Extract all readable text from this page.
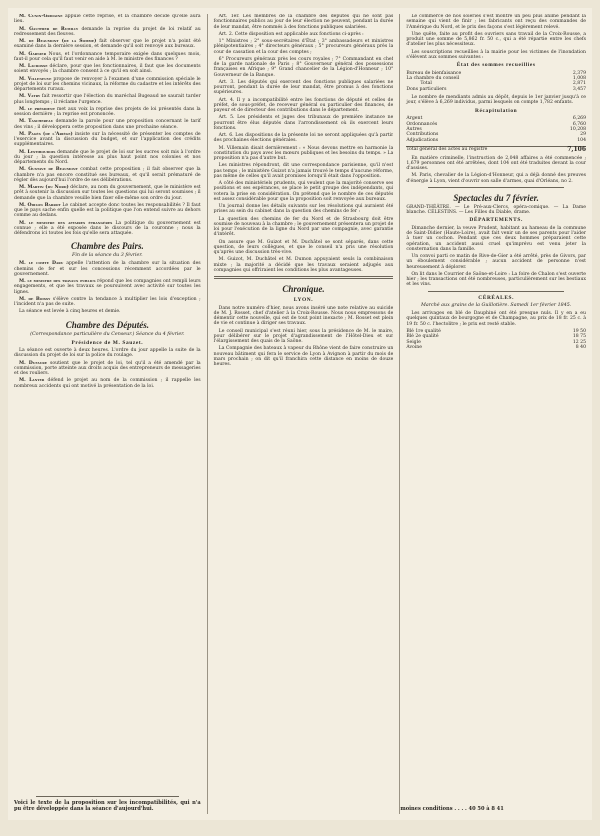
M. Cunin-Gridaine appuie cette reprise, et la chambre décide qu'elle aura lieu.

M. Gauthier de Rumilly demande la reprise du projet de loi relatif au redressement des fleuves.

M. de Beaumont (de la Somme) fait observer que le projet n'a point été examiné dans la dernière session, et demande qu'il soit renvoyé aux bureaux.

M. Garnier Nous, et l'ordonnance temporaire exigée dans quelques mois, faut-il pour cela qu'il faut venir en aide à M. le ministre des finances ?

M. Lacrosse déclare, pour que les fonctionnaires, il faut que les documents soient envoyés ; la chambre consent à ce qu'il en soit ainsi.

M. Villeneuve propose de renvoyer à l'examen d'une commission spéciale le projet de loi sur les chemins vicinaux, la réforme du cadastre et les intérêts des départements ruraux.

M. Vatry fait ressortir que l'élection du maréchal Bugeaud ne saurait tarder plus longtemps ; il réclame l'urgence.

M. le président met aux voix la reprise des projets de loi présentés dans la session dernière ; la reprise est prononcée.

M. Taschereau demande la parole pour une proposition concernant le tarif des vins ; il développera cette proposition dans une prochaine séance.

M. Pagès (de l'Ariége) insiste sur la nécessité de présenter les comptes de l'exercice avant la discussion du budget, et sur l'application des crédits supplémentaires.

M. Lestiboudois demande que le projet de loi sur les sucres soit mis à l'ordre du jour ; la question intéresse au plus haut point nos colonies et nos départements du Nord.

M. Gustave de Beaumont combat cette proposition ; il fait observer que la chambre n'a pas encore constitué ses bureaux, et qu'il serait prématuré de régler dès aujourd'hui l'ordre de ses délibérations.

M. Martin (du Nord) déclare, au nom du gouvernement, que le ministère est prêt à soutenir la discussion sur toutes les questions qui lui seront soumises ; il demande que la chambre veuille bien fixer elle-même son ordre du jour.

M. Odilon Barrot Le cabinet accepte donc toutes les responsabilités ? Il faut que le pays sache enfin quelle est la politique que l'on entend suivre au dehors comme au dedans.

M. le ministre des affaires étrangères La politique du gouvernement est connue ; elle a été exposée dans le discours de la couronne ; nous la défendrons ici toutes les fois qu'elle sera attaquée.

Chambre des Pairs.
Fin de la séance du 3 février.

M. le comte Daru appelle l'attention de la chambre sur la situation des chemins de fer et sur les concessions récemment accordées par le gouvernement.

M. le ministre des travaux publics répond que les compagnies ont rempli leurs engagements, et que les travaux se poursuivent avec activité sur toutes les lignes.

M. de Boissy s'élève contre la tendance à multiplier les lois d'exception ; l'incident n'a pas de suite.

La séance est levée à cinq heures et demie.

Chambre des Députés.
(Correspondance particulière du Censeur.) Séance du 4 février.
Présidence de M. Sauzet.

La séance est ouverte à deux heures. L'ordre du jour appelle la suite de la discussion du projet de loi sur la police du roulage.

M. Dufaure soutient que le projet de loi, tel qu'il a été amendé par la commission, porte atteinte aux droits acquis des entrepreneurs de messageries et des rouliers.

M. Lanyer défend le projet au nom de la commission ; il rappelle les nombreux accidents qui ont motivé la présentation de la loi.

Voici le texte de la proposition sur les incompatibilités, qui n'a pu être développée dans la séance d'aujourd'hui.

Art. 1er. Les membres de la chambre des députés qui ne sont pas fonctionnaires publics au jour de leur élection ne peuvent, pendant la durée de leur mandat, être nommés à des fonctions publiques salariées.

Art. 2. Cette disposition est applicable aux fonctions ci-après :

1° Ministres ; 2° sous-secrétaires d'État ; 3° ambassadeurs et ministres plénipotentiaires ; 4° directeurs généraux ; 5° procureurs généraux près la cour de cassation et la cour des comptes ;

6° Procureurs généraux près les cours royales ; 7° Commandant en chef de la garde nationale de Paris ; 8° Gouverneur général des possessions françaises en Afrique ; 9° Grand chancelier de la Légion-d'Honneur ; 10° Gouverneur de la Banque.

Art. 3. Les députés qui exercent des fonctions publiques salariées ne pourront, pendant la durée de leur mandat, être promus à des fonctions supérieures.

Art. 4. Il y a incompatibilité entre les fonctions de député et celles de préfet, de sous-préfet, de receveur général ou particulier des finances, de payeur et de directeur des contributions dans le département.

Art. 5. Les présidents et juges des tribunaux de première instance ne pourront être élus députés dans l'arrondissement où ils exercent leurs fonctions.

Art. 6. Les dispositions de la présente loi ne seront appliquées qu'à partir des prochaines élections générales.

M. Villemain disait dernièrement : « Nous devons mettre en harmonie la constitution du pays avec les mœurs publiques et les besoins du temps. » La proposition n'a pas d'autre but.

Les ministres répondront, dit une correspondance parisienne, qu'il n'est pas temps ; le ministère Guizot n'a jamais trouvé le temps d'aucune réforme, pas même de celles qu'il avait promises lorsqu'il était dans l'opposition.

A côté des ministériels prudents, qui veulent que la majorité conserve ses positions et ses espérances, se place le petit groupe des indépendants, qui votera la prise en considération. On prétend que le nombre de ces députés est assez considérable pour que la proposition soit renvoyée aux bureaux.

Un journal donne les détails suivants sur les résolutions qui auraient été prises au sein du cabinet dans la question des chemins de fer :

La question des chemins de fer du Nord et de Strasbourg doit être soumise de nouveau à la chambre ; le gouvernement présentera un projet de loi pour l'exécution de la ligne du Nord par une compagnie, avec garantie d'intérêt.

On assure que M. Guizot et M. Duchâtel se sont séparés, dans cette question, de leurs collègues, et que le conseil n'a pris une résolution qu'après une discussion très-vive.

M. Guizot, M. Duchâtel et M. Dumon appuyaient seuls la combinaison mixte ; la majorité a décidé que les travaux seraient adjugés aux compagnies qui offriraient les conditions les plus avantageuses.

Chronique.
LYON.

Dans notre numéro d'hier, nous avons inséré une note relative au suicide de M. J. Rosset, chef d'atelier à la Croix-Rousse. Nous nous empressons de démentir cette nouvelle, qui est de tout point inexacte ; M. Rosset est plein de vie et continue à diriger ses travaux.

Le conseil municipal s'est réuni hier, sous la présidence de M. le maire, pour délibérer sur le projet d'agrandissement de l'Hôtel-Dieu et sur l'élargissement des quais de la Saône.

La Compagnie des bateaux à vapeur du Rhône vient de faire construire un nouveau bâtiment qui fera le service de Lyon à Avignon à partir du mois de mars prochain ; on dit qu'il franchira cette distance en moins de douze heures.

Le commerce de nos soieries s'est montré un peu plus animé pendant la semaine qui vient de finir ; les fabricants ont reçu des commandes de l'Amérique du Nord, et le prix des façons s'est légèrement relevé.

Une quête, faite au profit des ouvriers sans travail de la Croix-Rousse, a produit une somme de 5,862 fr. 50 c., qui a été répartie entre les chefs d'atelier les plus nécessiteux.

Les souscriptions recueillies à la mairie pour les victimes de l'inondation s'élèvent aux sommes suivantes :

État des sommes recueillies
Bureau de bienfaisance	2,379
La chambre du conseil	1,008
Total	2,871
Dons particuliers	3,457

Le nombre de mendiants admis au dépôt, depuis le 1er janvier jusqu'à ce jour, s'élève à 6,269 individus, parmi lesquels on compte 1,782 enfants.

Récapitulation
Argent	6,269
Ordonnancés	6,760
Autres	10,208
Contributions	29
Adjudications	104
Total général des actes au registre	7,106

En matière criminelle, l'instruction de 2,048 affaires a été commencée ; 1,679 personnes ont été arrêtées, dont 104 ont été traduites devant la cour d'assises.

M. Paris, chevalier de la Légion-d'Honneur, qui a déjà donné des preuves d'énergie à Lyon, vient d'ouvrir son salle d'armes, quai d'Orléans, no 2.

Spectacles du 7 février.

GRAND-THÉÂTRE. — Le Pré-aux-Clercs, opéra-comique. — La Dame blanche. CÉLESTINS. — Les Filles du Diable, drame.

DÉPARTEMENTS.

Dimanche dernier, la veuve Prudent, habitant au hameau de la commune de Saint-Didier (Haute-Loire), avait fait venir un de ses parents pour l'aider à tuer un cochon. Pendant que ces deux hommes préparaient cette opération, un accident aussi cruel qu'imprévu est venu jeter la consternation dans la famille.

Un convoi parti ce matin de Rive-de-Gier a été arrêté, près de Givors, par un éboulement considérable ; aucun accident de personne n'est heureusement à déplorer.

On lit dans le Courrier de Saône-et-Loire : La foire de Chalon s'est ouverte hier ; les transactions ont été nombreuses, particulièrement sur les bestiaux et les vins.

CÉRÉALES.
Marché aux grains de la Guillotière. Samedi 1er février 1845.

Les arrivages en blé de Dauphiné ont été presque nuls. Il y en a eu quelques quintaux de bourgogne et de Champagne, au prix de 18 fr. 25 c. à 19 fr. 50 c. l'hectolitre ; le prix est resté stable.

Blé 1re qualité	19 50
Blé 2e qualité	18 75
Seigle	12 25
Avoine	8 40

moines conditions . . . . 40 50 à 8 41
